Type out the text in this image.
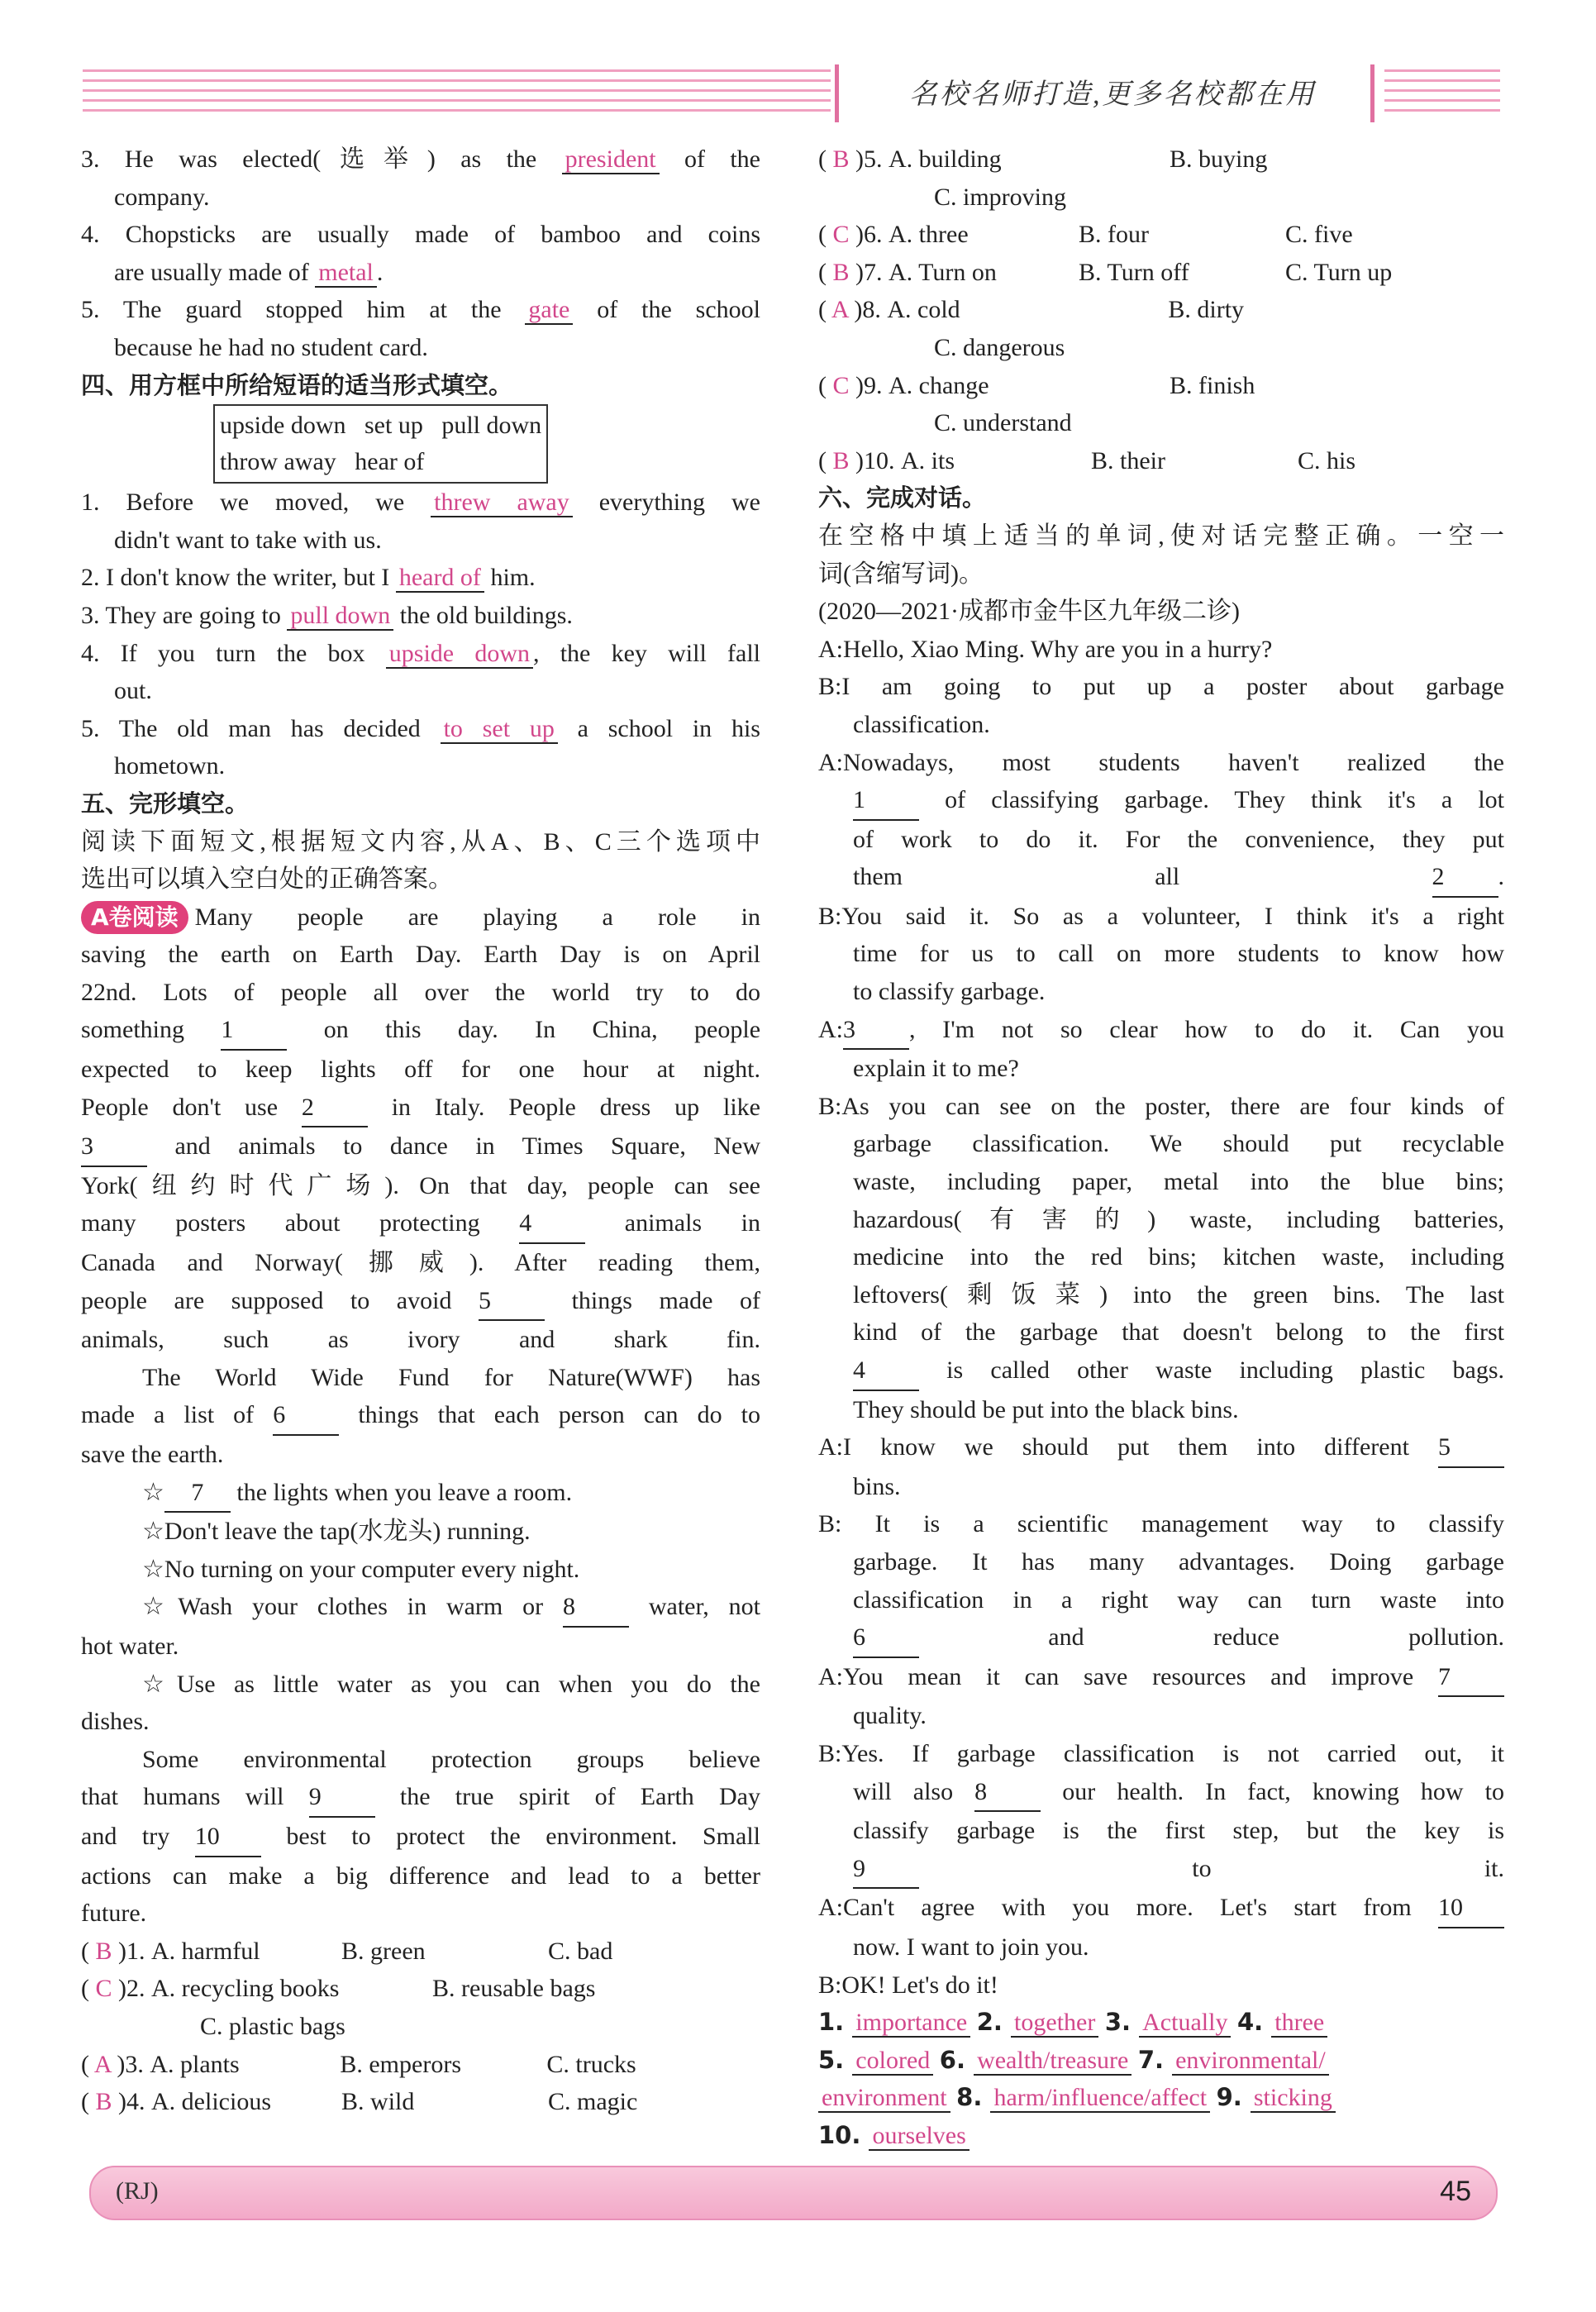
名校名师打造,更多名校都在用
3. He was elected(选举) as the president of the
company.
4. Chopsticks are usually made of bamboo and coins
are usually made of metal .
5. The guard stopped him at the gate of the school
because he had no student card.
四、用方框中所给短语的适当形式填空。
upside down   set up   pull down
throw away   hear of
1. Before we moved, we threw away everything we
didn't want to take with us.
2. I don't know the writer, but I heard of him.
3. They are going to pull down the old buildings.
4. If you turn the box upside down , the key will fall
out.
5. The old man has decided to set up a school in his
hometown.
五、完形填空。
阅读下面短文,根据短文内容,从A、B、C三个选项中
选出可以填入空白处的正确答案。
A卷阅读 Many people are playing a role in
saving the earth on Earth Day. Earth Day is on April
22nd. Lots of people all over the world try to do
something 1 on this day. In China, people
expected to keep lights off for one hour at night.
People don't use 2 in Italy. People dress up like
3 and animals to dance in Times Square, New
York(纽约时代广场). On that day, people can see
many posters about protecting 4 animals in
Canada and Norway(挪威). After reading them,
people are supposed to avoid 5 things made of
animals, such as ivory and shark fin.
The World Wide Fund for Nature(WWF) has
made a list of 6 things that each person can do to
save the earth.
☆ 7 the lights when you leave a room.
☆Don't leave the tap(水龙头) running.
☆No turning on your computer every night.
☆Wash your clothes in warm or 8 water, not
hot water.
☆Use as little water as you can when you do the
dishes.
Some environmental protection groups believe
that humans will 9 the true spirit of Earth Day
and try 10 best to protect the environment. Small
actions can make a big difference and lead to a better
future.
( B )1. A. harmful	B. green	C. bad
( C )2. A. recycling books	B. reusable bags
C. plastic bags
( A )3. A. plants	B. emperors	C. trucks
( B )4. A. delicious	B. wild	C. magic
( B )5. A. building	B. buying
C. improving
( C )6. A. three	B. four	C. five
( B )7. A. Turn on	B. Turn off	C. Turn up
( A )8. A. cold	B. dirty
C. dangerous
( C )9. A. change	B. finish
C. understand
( B )10. A. its	B. their	C. his
六、完成对话。
在空格中填上适当的单词,使对话完整正确。一空一
词(含缩写词)。
(2020—2021·成都市金牛区九年级二诊)
A:Hello, Xiao Ming. Why are you in a hurry?
B:I am going to put up a poster about garbage
classification.
A:Nowadays, most students haven't realized the
1 of classifying garbage. They think it's a lot
of work to do it. For the convenience, they put
them all 2 .
B:You said it. So as a volunteer, I think it's a right
time for us to call on more students to know how
to classify garbage.
A:3 , I'm not so clear how to do it. Can you
explain it to me?
B:As you can see on the poster, there are four kinds of
garbage classification. We should put recyclable
waste, including paper, metal into the blue bins;
hazardous(有害的) waste, including batteries,
medicine into the red bins; kitchen waste, including
leftovers(剩饭菜) into the green bins. The last
kind of the garbage that doesn't belong to the first
4 is called other waste including plastic bags.
They should be put into the black bins.
A:I know we should put them into different 5
bins.
B: It is a scientific management way to classify
garbage. It has many advantages. Doing garbage
classification in a right way can turn waste into
6 and reduce pollution.
A:You mean it can save resources and improve 7
quality.
B:Yes. If garbage classification is not carried out, it
will also 8 our health. In fact, knowing how to
classify garbage is the first step, but the key is
9 to it.
A:Can't agree with you more. Let's start from 10
now. I want to join you.
B:OK! Let's do it!
1. importance 2. together 3. Actually 4. three
5. colored 6. wealth/treasure 7. environmental/
environment 8. harm/influence/affect 9. sticking
10. ourselves
(RJ)	45
